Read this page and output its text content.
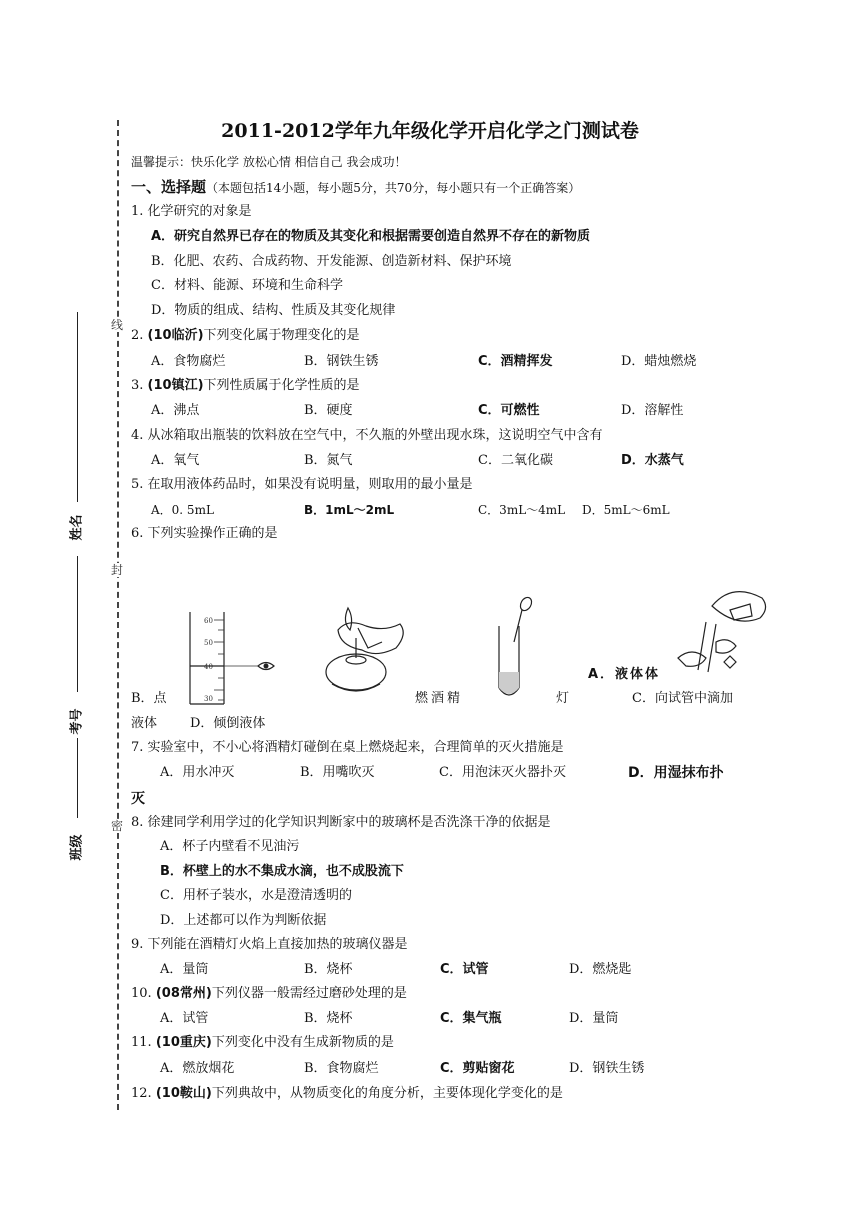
线
封
密
姓名
考号
班级
2011-2012学年九年级化学开启化学之门测试卷
温馨提示：快乐化学 放松心情 相信自己 我会成功！
一、选择题（本题包括14小题，每小题5分，共70分，每小题只有一个正确答案）
1. 化学研究的对象是
A．研究自然界已存在的物质及其变化和根据需要创造自然界不存在的新物质
B．化肥、农药、合成药物、开发能源、创造新材料、保护环境
C．材料、能源、环境和生命科学
D．物质的组成、结构、性质及其变化规律
2. (10临沂)下列变化属于物理变化的是
A．食物腐烂	B．钢铁生锈	C．酒精挥发	D．蜡烛燃烧
3. (10镇江)下列性质属于化学性质的是
A．沸点	B．硬度	C．可燃性	D．溶解性
4. 从冰箱取出瓶装的饮料放在空气中，不久瓶的外壁出现水珠，这说明空气中含有
A．氧气	B．氮气	C．二氧化碳	D．水蒸气
5. 在取用液体药品时，如果没有说明量，则取用的最小量是
A．0. 5mL	B．1mL～2mL	C．3mL～4mL D．5mL～6mL
6. 下列实验操作正确的是
60
50
40
30
A．液体体
B．点	燃酒精	灯	C．向试管中滴加
液体	D．倾倒液体
7. 实验室中，不小心将酒精灯碰倒在桌上燃烧起来，合理简单的灭火措施是
A．用水冲灭	B．用嘴吹灭	C．用泡沫灭火器扑灭	D．用湿抹布扑
灭
8. 徐建同学利用学过的化学知识判断家中的玻璃杯是否洗涤干净的依据是
A．杯子内壁看不见油污
B．杯壁上的水不集成水滴，也不成股流下
C．用杯子装水，水是澄清透明的
D．上述都可以作为判断依据
9. 下列能在酒精灯火焰上直接加热的玻璃仪器是
A．量筒	B．烧杯	C．试管	D．燃烧匙
10. (08常州)下列仪器一般需经过磨砂处理的是
A．试管	B．烧杯	C．集气瓶	D．量筒
11. (10重庆)下列变化中没有生成新物质的是
A．燃放烟花	B．食物腐烂	C．剪贴窗花	D．钢铁生锈
12. (10鞍山)下列典故中，从物质变化的角度分析，主要体现化学变化的是
